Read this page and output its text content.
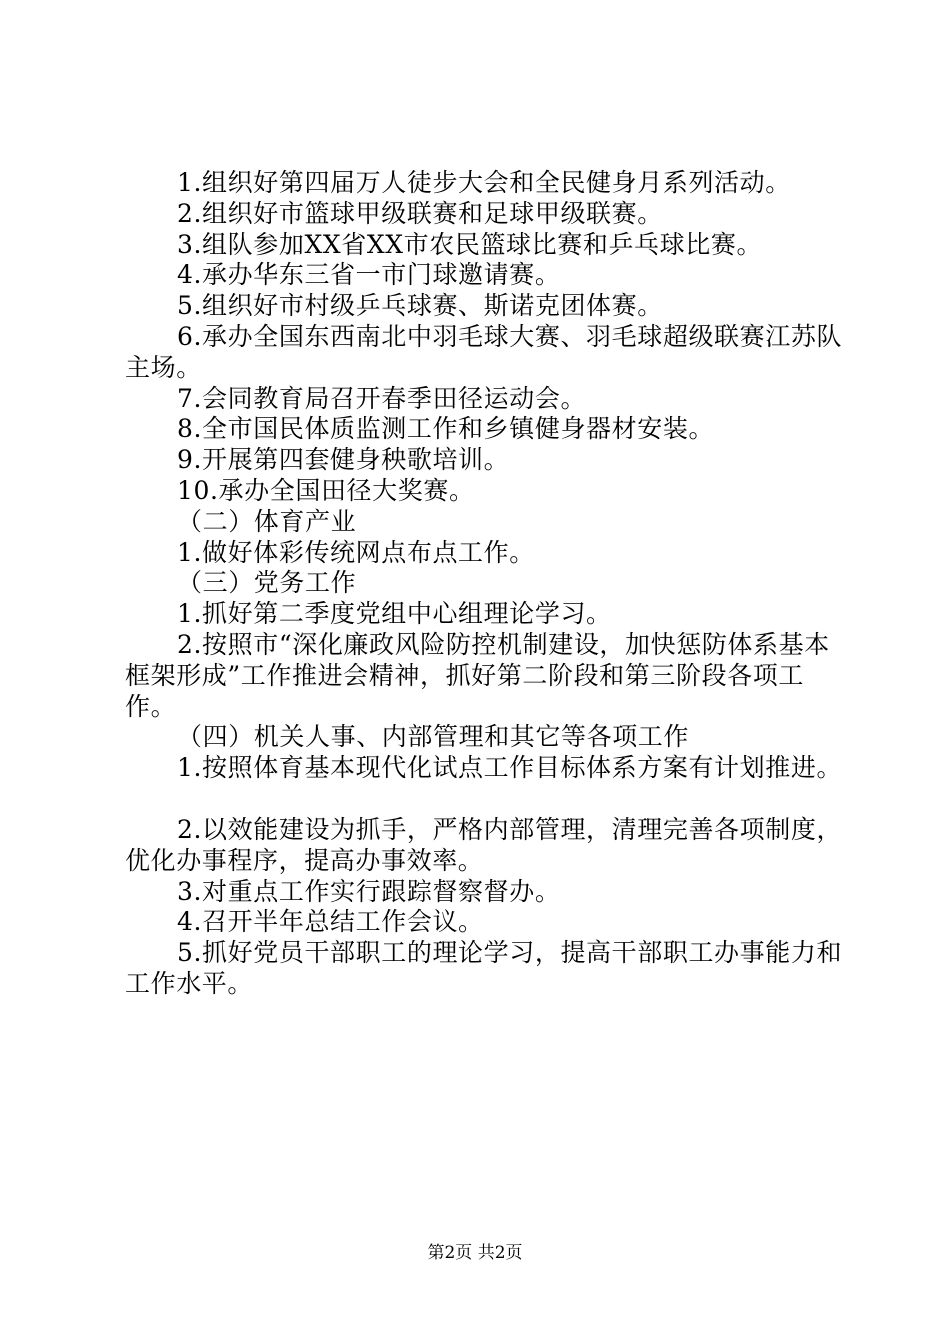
1.组织好第四届万人徒步大会和全民健身月系列活动。

2.组织好市篮球甲级联赛和足球甲级联赛。

3.组队参加XX省XX市农民篮球比赛和乒乓球比赛。

4.承办华东三省一市门球邀请赛。

5.组织好市村级乒乓球赛、斯诺克团体赛。

6.承办全国东西南北中羽毛球大赛、羽毛球超级联赛江苏队主场。

7.会同教育局召开春季田径运动会。

8.全市国民体质监测工作和乡镇健身器材安装。

9.开展第四套健身秧歌培训。

10.承办全国田径大奖赛。

（二）体育产业

1.做好体彩传统网点布点工作。

（三）党务工作

1.抓好第二季度党组中心组理论学习。

2.按照市“深化廉政风险防控机制建设，加快惩防体系基本框架形成”工作推进会精神，抓好第二阶段和第三阶段各项工作。

（四）机关人事、内部管理和其它等各项工作

1.按照体育基本现代化试点工作目标体系方案有计划推进。

2.以效能建设为抓手，严格内部管理，清理完善各项制度，优化办事程序，提高办事效率。

3.对重点工作实行跟踪督察督办。

4.召开半年总结工作会议。

5.抓好党员干部职工的理论学习，提高干部职工办事能力和工作水平。

第2页 共2页
